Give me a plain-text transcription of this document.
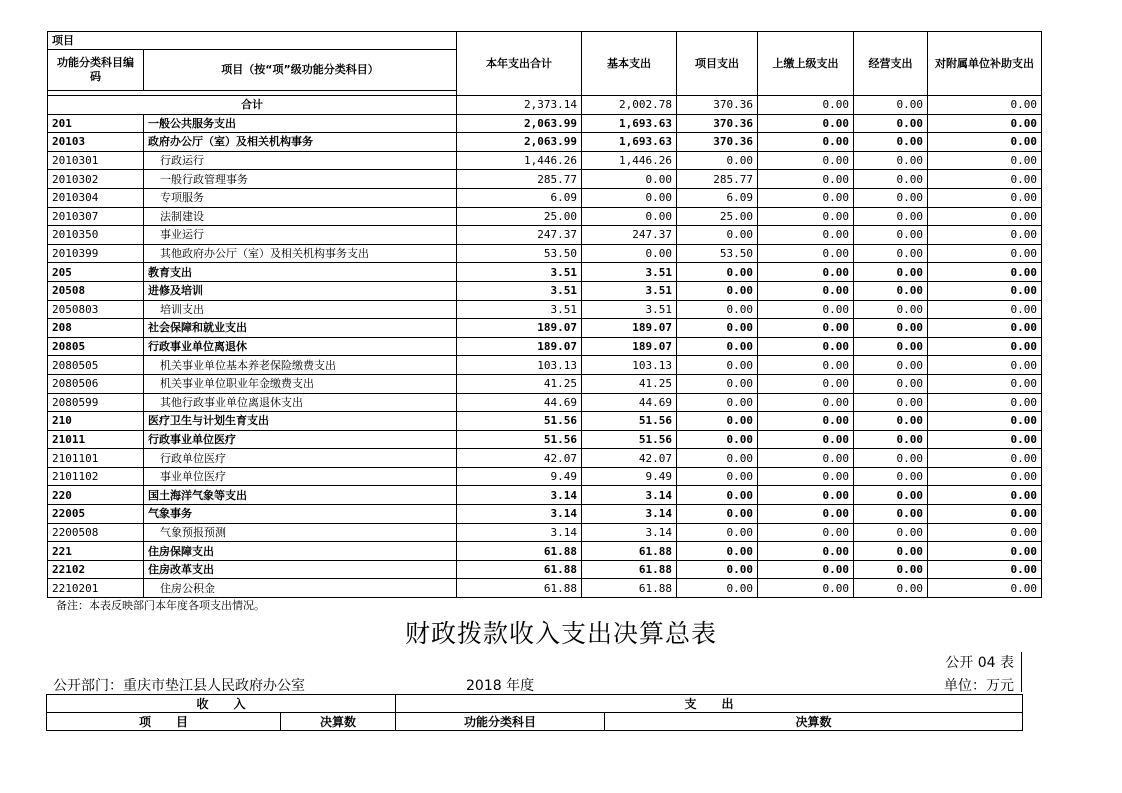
项目		本年支出合计	基本支出	项目支出	上缴上级支出	经营支出	对附属单位补助支出
功能分类科目编码	项目（按“项”级功能分类科目）						

合计		2,373.14	2,002.78	370.36	0.00	0.00	0.00
201	一般公共服务支出	2,063.99	1,693.63	370.36	0.00	0.00	0.00
20103	政府办公厅（室）及相关机构事务	2,063.99	1,693.63	370.36	0.00	0.00	0.00
2010301	行政运行	1,446.26	1,446.26	0.00	0.00	0.00	0.00
2010302	一般行政管理事务	285.77	0.00	285.77	0.00	0.00	0.00
2010304	专项服务	6.09	0.00	6.09	0.00	0.00	0.00
2010307	法制建设	25.00	0.00	25.00	0.00	0.00	0.00
2010350	事业运行	247.37	247.37	0.00	0.00	0.00	0.00
2010399	其他政府办公厅（室）及相关机构事务支出	53.50	0.00	53.50	0.00	0.00	0.00
205	教育支出	3.51	3.51	0.00	0.00	0.00	0.00
20508	进修及培训	3.51	3.51	0.00	0.00	0.00	0.00
2050803	培训支出	3.51	3.51	0.00	0.00	0.00	0.00
208	社会保障和就业支出	189.07	189.07	0.00	0.00	0.00	0.00
20805	行政事业单位离退休	189.07	189.07	0.00	0.00	0.00	0.00
2080505	机关事业单位基本养老保险缴费支出	103.13	103.13	0.00	0.00	0.00	0.00
2080506	机关事业单位职业年金缴费支出	41.25	41.25	0.00	0.00	0.00	0.00
2080599	其他行政事业单位离退休支出	44.69	44.69	0.00	0.00	0.00	0.00
210	医疗卫生与计划生育支出	51.56	51.56	0.00	0.00	0.00	0.00
21011	行政事业单位医疗	51.56	51.56	0.00	0.00	0.00	0.00
2101101	行政单位医疗	42.07	42.07	0.00	0.00	0.00	0.00
2101102	事业单位医疗	9.49	9.49	0.00	0.00	0.00	0.00
220	国土海洋气象等支出	3.14	3.14	0.00	0.00	0.00	0.00
22005	气象事务	3.14	3.14	0.00	0.00	0.00	0.00
2200508	气象预报预测	3.14	3.14	0.00	0.00	0.00	0.00
221	住房保障支出	61.88	61.88	0.00	0.00	0.00	0.00
22102	住房改革支出	61.88	61.88	0.00	0.00	0.00	0.00
2210201	住房公积金	61.88	61.88	0.00	0.00	0.00	0.00
备注：本表反映部门本年度各项支出情况。
财政拨款收入支出决算总表
公开 04 表
公开部门：重庆市垫江县人民政府办公室	2018 年度	单位：万元
收      入		支      出	
项      目	决算数	功能分类科目	决算数
